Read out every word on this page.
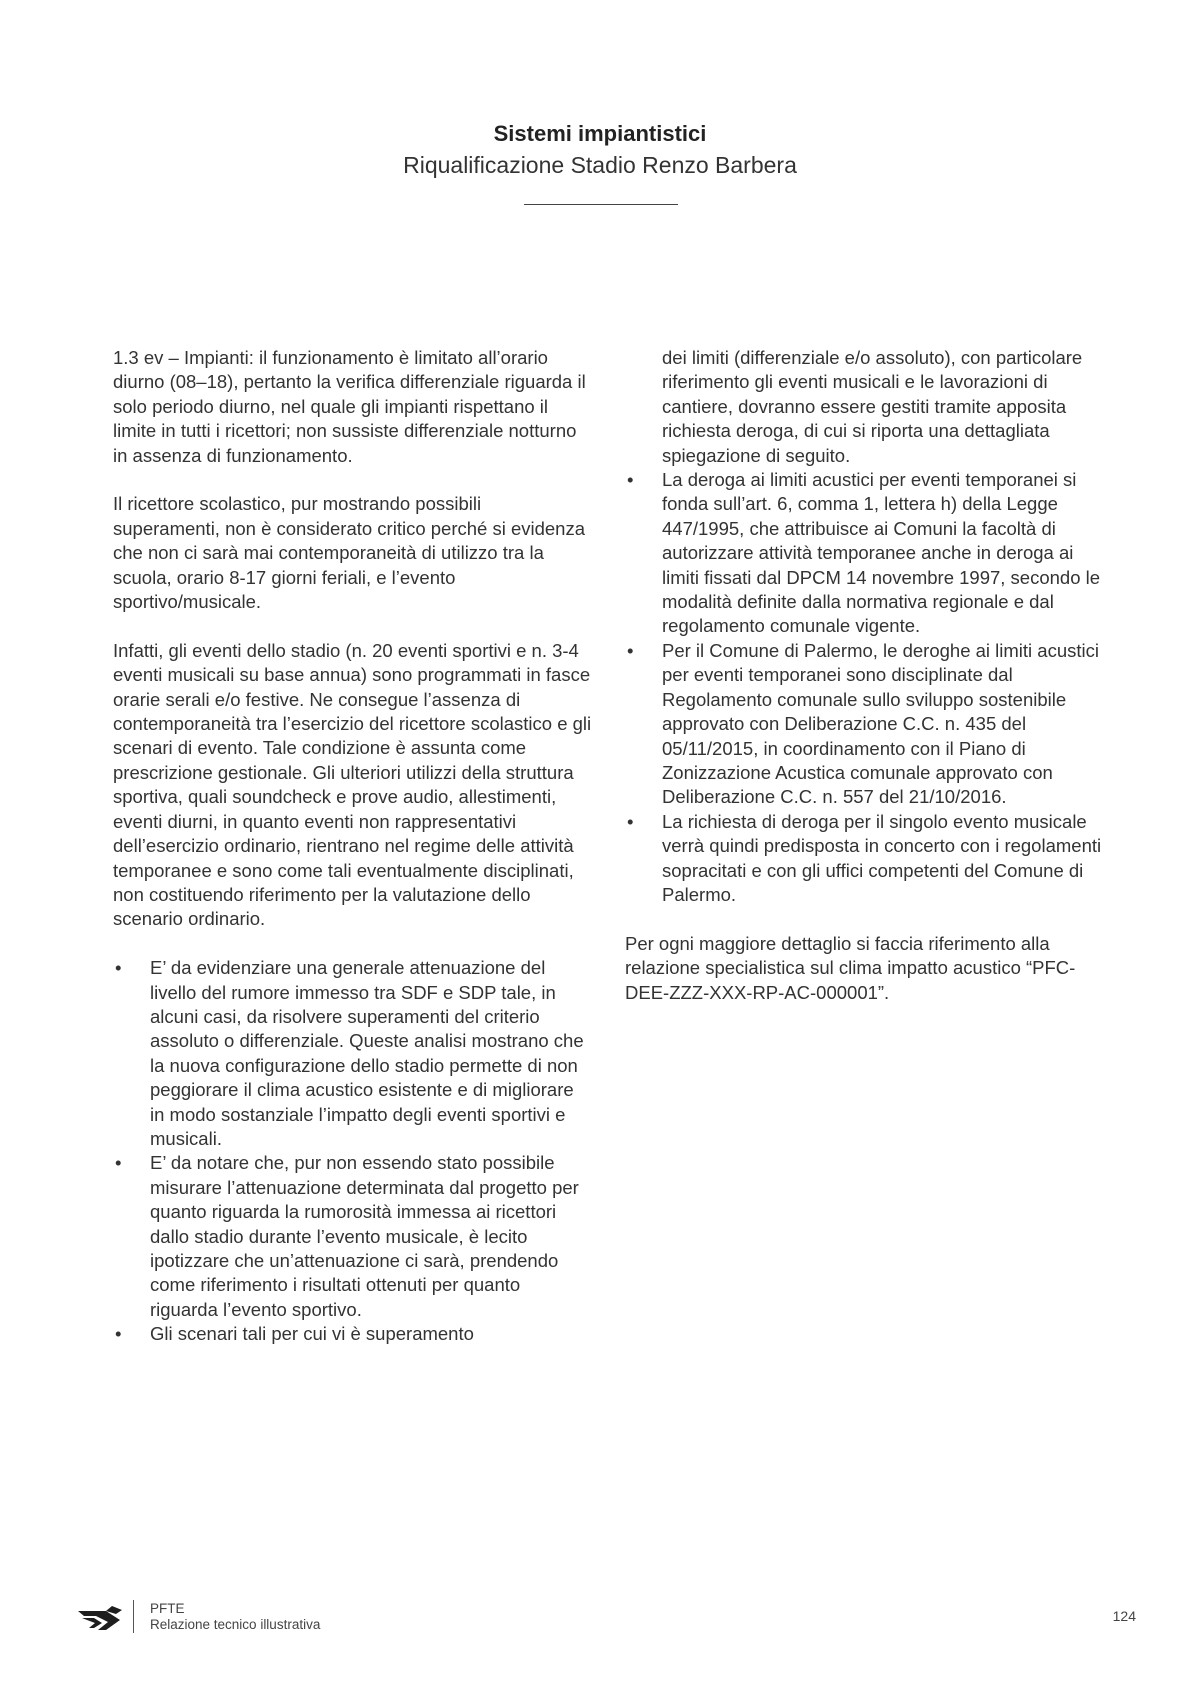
Sistemi impiantistici
Riqualificazione Stadio Renzo Barbera

1.3 ev – Impianti: il funzionamento è limitato all’orario diurno (08–18), pertanto la verifica differenziale riguarda il solo periodo diurno, nel quale gli impianti rispettano il limite in tutti i ricettori; non sussiste differenziale notturno in assenza di funzionamento.

Il ricettore scolastico, pur mostrando possibili superamenti, non è considerato critico perché si evidenza che non ci sarà mai contemporaneità di utilizzo tra la scuola, orario 8-17 giorni feriali, e l’evento sportivo/musicale.

Infatti, gli eventi dello stadio (n. 20 eventi sportivi e n. 3-4 eventi musicali su base annua) sono programmati in fasce orarie serali e/o festive. Ne consegue l’assenza di contemporaneità tra l’esercizio del ricettore scolastico e gli scenari di evento. Tale condizione è assunta come prescrizione gestionale. Gli ulteriori utilizzi della struttura sportiva, quali soundcheck e prove audio, allestimenti, eventi diurni, in quanto eventi non rappresentativi dell’esercizio ordinario, rientrano nel regime delle attività temporanee e sono come tali eventualmente disciplinati, non costituendo riferimento per la valutazione dello scenario ordinario.

• E’ da evidenziare una generale attenuazione del livello del rumore immesso tra SDF e SDP tale, in alcuni casi, da risolvere superamenti del criterio assoluto o differenziale. Queste analisi mostrano che la nuova configurazione dello stadio permette di non peggiorare il clima acustico esistente e di migliorare in modo sostanziale l’impatto degli eventi sportivi e musicali.
• E’ da notare che, pur non essendo stato possibile misurare l’attenuazione determinata dal progetto per quanto riguarda la rumorosità immessa ai ricettori dallo stadio durante l’evento musicale, è lecito ipotizzare che un’attenuazione ci sarà, prendendo come riferimento i risultati ottenuti per quanto riguarda l’evento sportivo.
• Gli scenari tali per cui vi è superamento

dei limiti (differenziale e/o assoluto), con particolare riferimento gli eventi musicali e le lavorazioni di cantiere, dovranno essere gestiti tramite apposita richiesta deroga, di cui si riporta una dettagliata spiegazione di seguito.

• La deroga ai limiti acustici per eventi temporanei si fonda sull’art. 6, comma 1, lettera h) della Legge 447/1995, che attribuisce ai Comuni la facoltà di autorizzare attività temporanee anche in deroga ai limiti fissati dal DPCM 14 novembre 1997, secondo le modalità definite dalla normativa regionale e dal regolamento comunale vigente.
• Per il Comune di Palermo, le deroghe ai limiti acustici per eventi temporanei sono disciplinate dal Regolamento comunale sullo sviluppo sostenibile approvato con Deliberazione C.C. n. 435 del 05/11/2015, in coordinamento con il Piano di Zonizzazione Acustica comunale approvato con Deliberazione C.C. n. 557 del 21/10/2016.
• La richiesta di deroga per il singolo evento musicale verrà quindi predisposta in concerto con i regolamenti sopracitati e con gli uffici competenti del Comune di Palermo.

Per ogni maggiore dettaglio si faccia riferimento alla relazione specialistica sul clima impatto acustico “PFC-DEE-ZZZ-XXX-RP-AC-000001”.

PFTE
Relazione tecnico illustrativa
124
